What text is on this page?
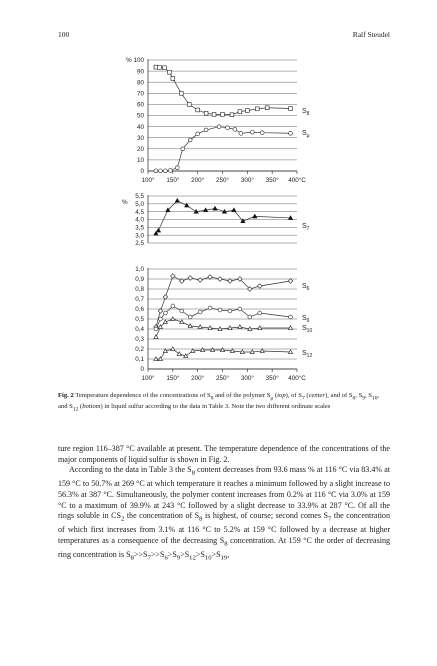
100	Ralf Steudel
0
10
20
30
40
50
60
70
80
90
% 100
100° 150° 200° 250° 300° 350° 400°C
2,5
3,0
3,5
4,0
4,5
5,0
5,5
%
0
0,1
0,2
0,3
0,4
0,5
0,6
0,7
0,8
0,9
1,0
100° 150° 200° 250° 300° 350° 400°C
$S_8$
$S_\mu$
$S_7$
$S_6$
$S_9$
$S_{10}$
$S_{12}$
Fig. 2 Temperature dependence of the concentrations of $S_8$ and of the polymer $S_\mu$ (top), of $S_7$ (center), and of $S_6$, $S_9$, $S_{10}$, and $S_{12}$ (bottom) in liquid sulfur according to the data in Table 3. Note the two different ordinate scales

ture region 116–387 °C available at present. The temperature dependence of the concentrations of the major components of liquid sulfur is shown in Fig. 2.

According to the data in Table 3 the $S_8$ content decreases from 93.6 mass % at 116 °C via 83.4% at 159 °C to 50.7% at 269 °C at which temperature it reaches a minimum followed by a slight increase to 56.3% at 387 °C. Simultaneously, the polymer content increases from 0.2% at 116 °C via 3.0% at 159 °C to a maximum of 39.9% at 243 °C followed by a slight decrease to 33.9% at 287 °C. Of all the rings soluble in $CS_2$ the concentration of $S_8$ is highest, of course; second comes $S_7$ the concentration of which first increases from 3.1% at 116 °C to 5.2% at 159 °C followed by a decrease at higher temperatures as a consequence of the decreasing $S_8$ concentration. At 159 °C the order of decreasing ring concentration is $S_8>>S_7>>S_6>S_9>S_{12}>S_{10}>S_{19}$,
